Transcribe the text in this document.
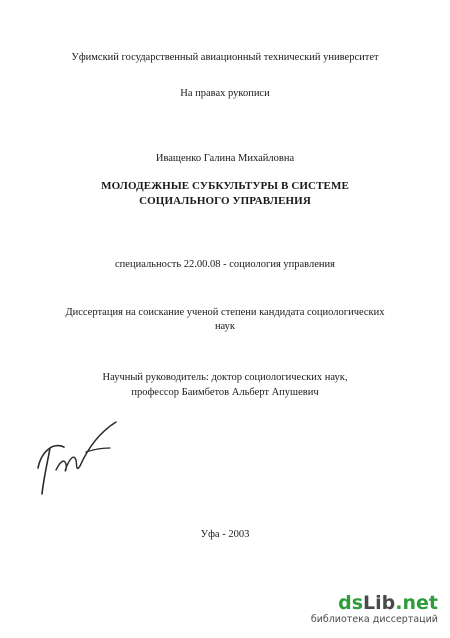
Уфимский государственный авиационный технический университет
На правах рукописи
Иващенко Галина Михайловна
МОЛОДЕЖНЫЕ СУБКУЛЬТУРЫ В СИСТЕМЕ
СОЦИАЛЬНОГО УПРАВЛЕНИЯ
специальность 22.00.08 - социология управления
Диссертация на соискание ученой степени кандидата социологических
наук
Научный руководитель: доктор социологических наук,
профессор Баимбетов Альберт Апушевич
Уфа - 2003
dsLib.net
библиотека диссертаций
